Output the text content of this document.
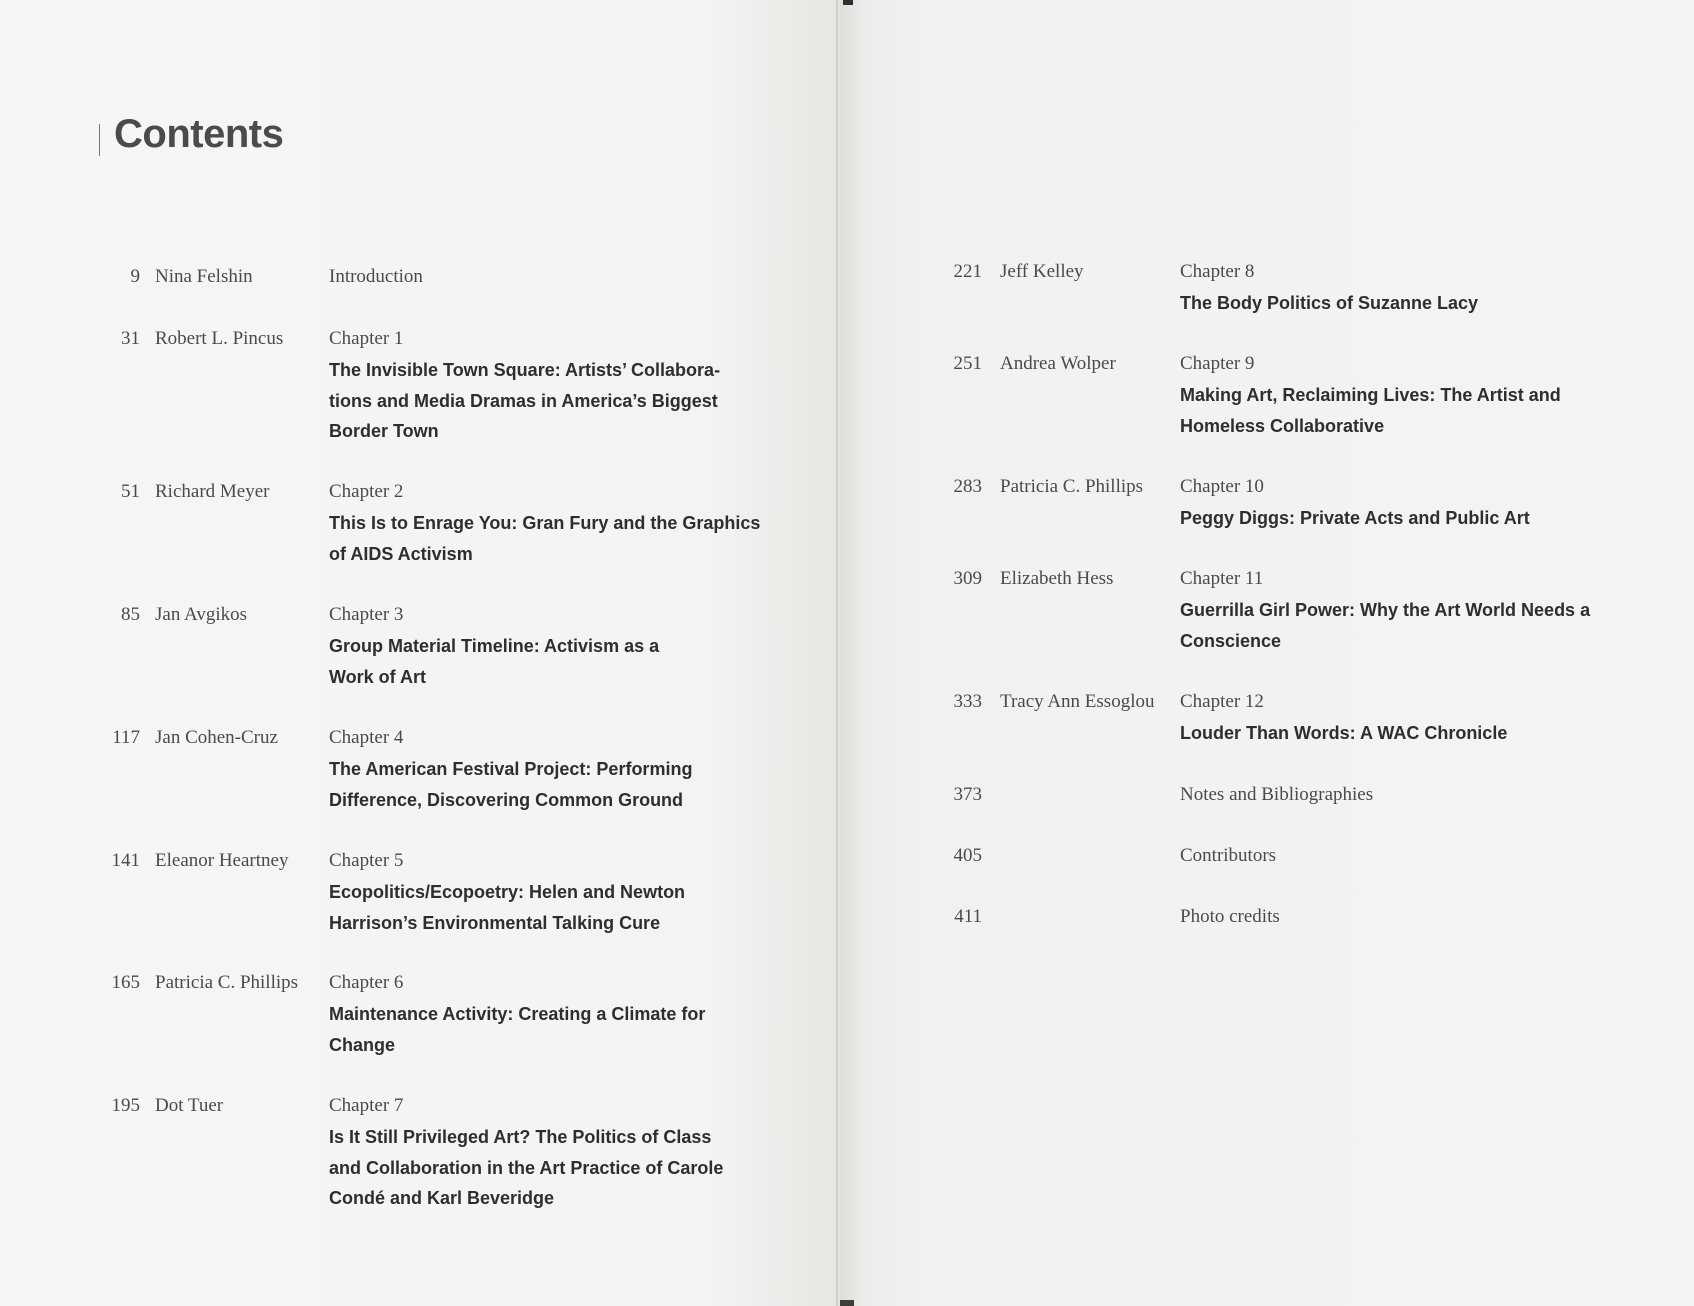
Contents
9 Nina Felshin	Introduction
31 Robert L. Pincus Chapter 1
The Invisible Town Square: Artists’ Collabora-
tions and Media Dramas in America’s Biggest
Border Town
51 Richard Meyer	Chapter 2
This Is to Enrage You: Gran Fury and the Graphics
of AIDS Activism
85 Jan Avgikos	Chapter 3
Group Material Timeline: Activism as a
Work of Art
117 Jan Cohen-Cruz	Chapter 4
The American Festival Project: Performing
Difference, Discovering Common Ground
141 Eleanor Heartney Chapter 5
Ecopolitics/Ecopoetry: Helen and Newton
Harrison’s Environmental Talking Cure
165 Patricia C. Phillips Chapter 6
Maintenance Activity: Creating a Climate for
Change
195 Dot Tuer	Chapter 7
Is It Still Privileged Art? The Politics of Class
and Collaboration in the Art Practice of Carole
Condé and Karl Beveridge
221 Jeff Kelley	Chapter 8
The Body Politics of Suzanne Lacy
251 Andrea Wolper	Chapter 9
Making Art, Reclaiming Lives: The Artist and
Homeless Collaborative
283 Patricia C. Phillips Chapter 10
Peggy Diggs: Private Acts and Public Art
309 Elizabeth Hess	Chapter 11
Guerrilla Girl Power: Why the Art World Needs a
Conscience
333 Tracy Ann Essoglou Chapter 12
Louder Than Words: A WAC Chronicle
373	Notes and Bibliographies
405	Contributors
411	Photo credits
